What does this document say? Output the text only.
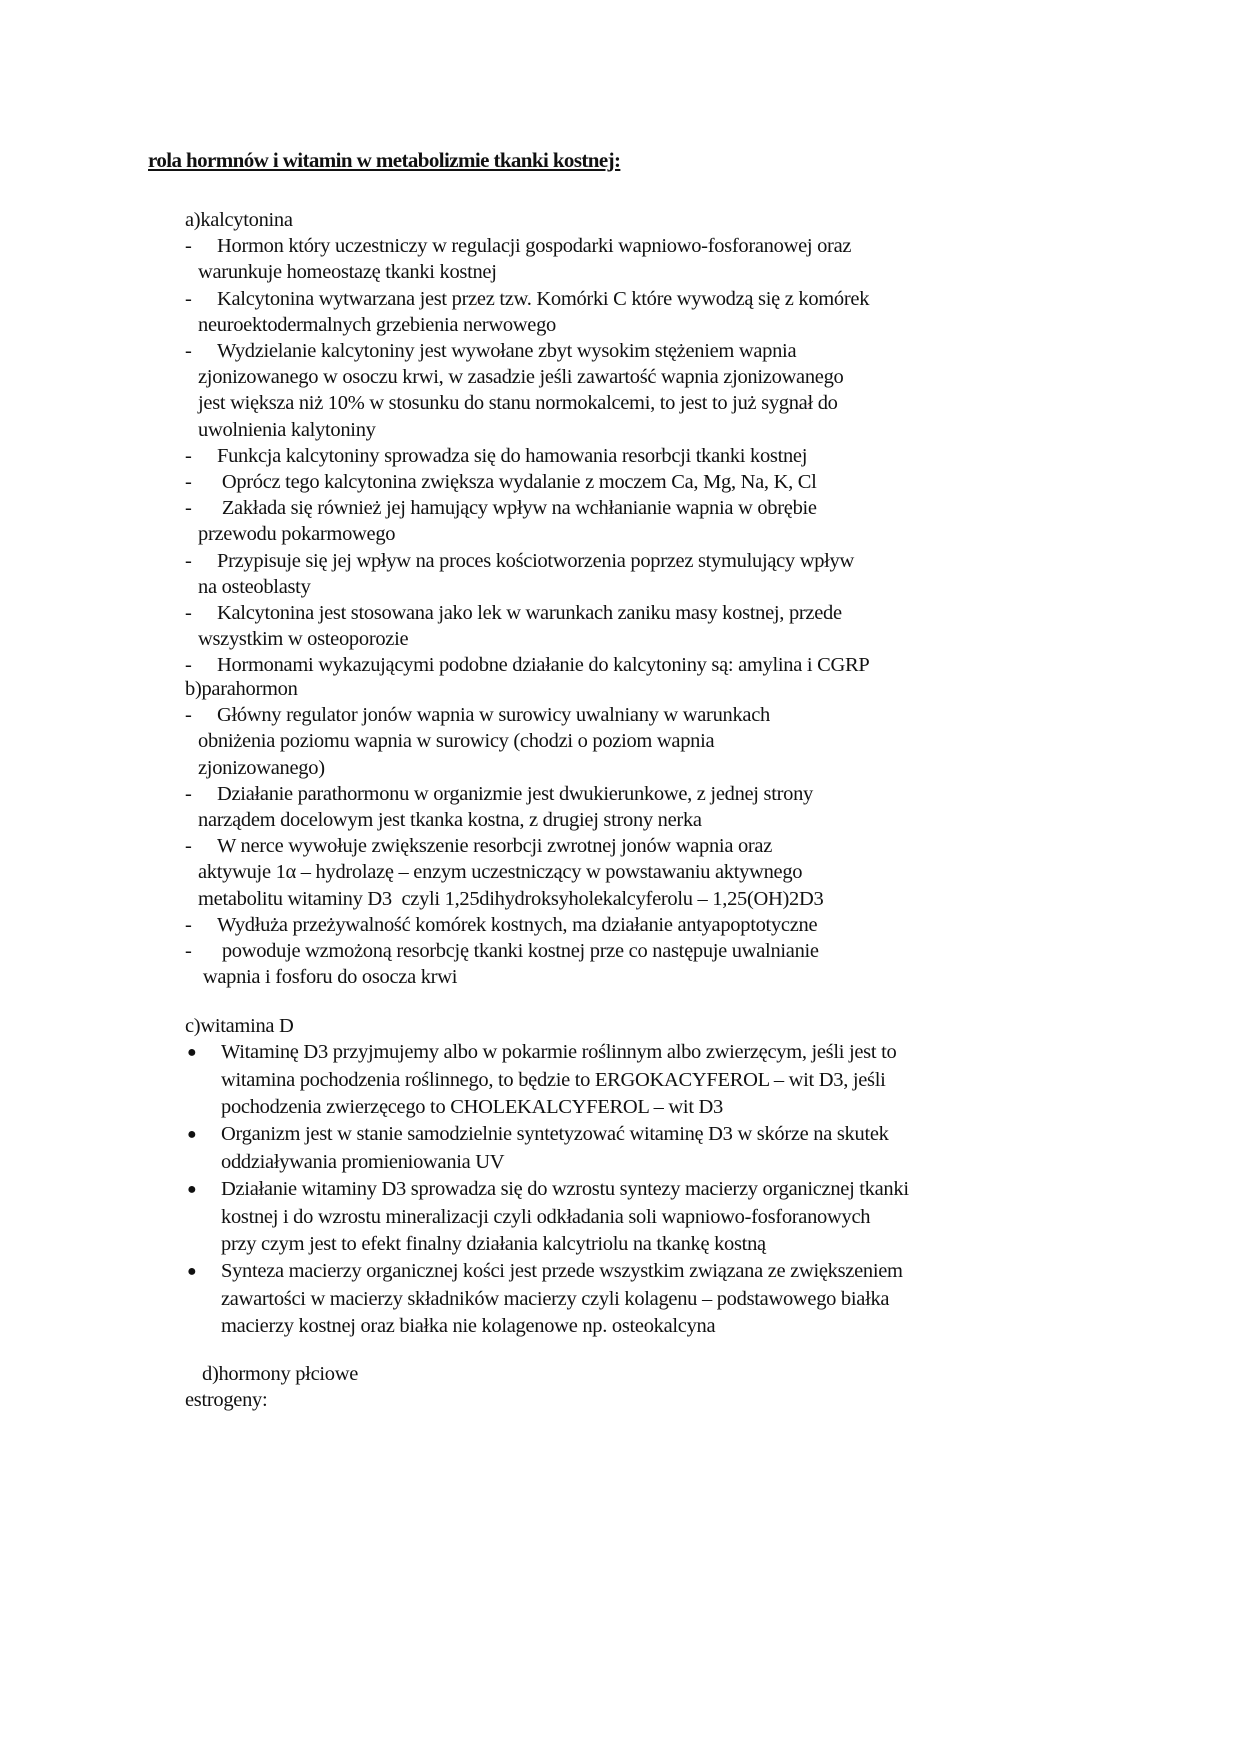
rola hormnów i witamin w metabolizmie tkanki kostnej:
a)kalcytonina
- Hormon który uczestniczy w regulacji gospodarki wapniowo-fosforanowej oraz
warunkuje homeostazę tkanki kostnej
- Kalcytonina wytwarzana jest przez tzw. Komórki C które wywodzą się z komórek
neuroektodermalnych grzebienia nerwowego
- Wydzielanie kalcytoniny jest wywołane zbyt wysokim stężeniem wapnia
zjonizowanego w osoczu krwi, w zasadzie jeśli zawartość wapnia zjonizowanego
jest większa niż 10% w stosunku do stanu normokalcemi, to jest to już sygnał do
uwolnienia kalytoniny
- Funkcja kalcytoniny sprowadza się do hamowania resorbcji tkanki kostnej
- Oprócz tego kalcytonina zwiększa wydalanie z moczem Ca, Mg, Na, K, Cl
- Zakłada się również jej hamujący wpływ na wchłanianie wapnia w obrębie
przewodu pokarmowego
- Przypisuje się jej wpływ na proces kościotworzenia poprzez stymulujący wpływ
na osteoblasty
- Kalcytonina jest stosowana jako lek w warunkach zaniku masy kostnej, przede
wszystkim w osteoporozie
- Hormonami wykazującymi podobne działanie do kalcytoniny są: amylina i CGRP
b)parahormon
- Główny regulator jonów wapnia w surowicy uwalniany w warunkach
obniżenia poziomu wapnia w surowicy (chodzi o poziom wapnia
zjonizowanego)
- Działanie parathormonu w organizmie jest dwukierunkowe, z jednej strony
narządem docelowym jest tkanka kostna, z drugiej strony nerka
- W nerce wywołuje zwiększenie resorbcji zwrotnej jonów wapnia oraz
aktywuje 1α – hydrolazę – enzym uczestniczący w powstawaniu aktywnego
metabolitu witaminy D3  czyli 1,25dihydroksyholekalcyferolu – 1,25(OH)2D3
- Wydłuża przeżywalność komórek kostnych, ma działanie antyapoptotyczne
- powoduje wzmożoną resorbcję tkanki kostnej prze co następuje uwalnianie
wapnia i fosforu do osocza krwi
c)witamina D
● Witaminę D3 przyjmujemy albo w pokarmie roślinnym albo zwierzęcym, jeśli jest to
witamina pochodzenia roślinnego, to będzie to ERGOKACYFEROL – wit D3, jeśli
pochodzenia zwierzęcego to CHOLEKALCYFEROL – wit D3
● Organizm jest w stanie samodzielnie syntetyzować witaminę D3 w skórze na skutek
oddziaływania promieniowania UV
● Działanie witaminy D3 sprowadza się do wzrostu syntezy macierzy organicznej tkanki
kostnej i do wzrostu mineralizacji czyli odkładania soli wapniowo-fosforanowych
przy czym jest to efekt finalny działania kalcytriolu na tkankę kostną
● Synteza macierzy organicznej kości jest przede wszystkim związana ze zwiększeniem
zawartości w macierzy składników macierzy czyli kolagenu – podstawowego białka
macierzy kostnej oraz białka nie kolagenowe np. osteokalcyna
d)hormony płciowe
estrogeny:
